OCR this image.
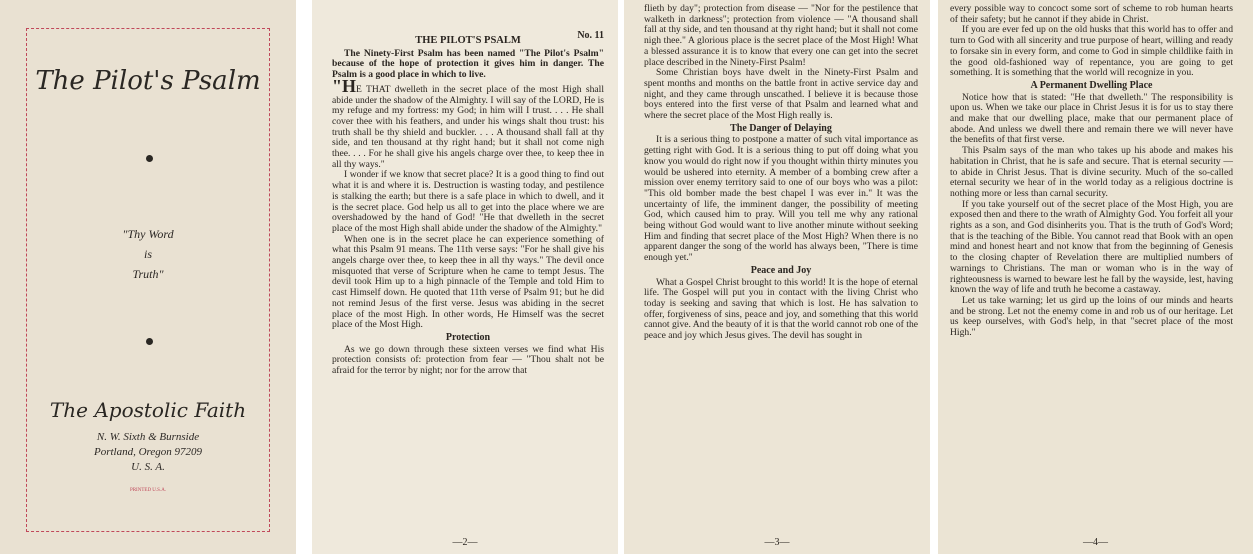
The Pilot's Psalm
"Thy Word
is
Truth"
The Apostolic Faith
N. W. Sixth & Burnside
Portland, Oregon 97209
U. S. A.
PRINTED U.S.A.
No. 11
THE PILOT'S PSALM

The Ninety-First Psalm has been named "The Pilot's Psalm" because of the hope of protection it gives him in danger. The Psalm is a good place in which to live.

"HE THAT dwelleth in the secret place of the most High shall abide under the shadow of the Almighty. I will say of the LORD, He is my refuge and my fortress: my God; in him will I trust. . . . He shall cover thee with his feathers, and under his wings shalt thou trust: his truth shall be thy shield and buckler. . . . A thousand shall fall at thy side, and ten thousand at thy right hand; but it shall not come nigh thee. . . . For he shall give his angels charge over thee, to keep thee in all thy ways."

I wonder if we know that secret place? It is a good thing to find out what it is and where it is. Destruction is wasting today, and pestilence is stalking the earth; but there is a safe place in which to dwell, and it is the secret place. God help us all to get into the place where we are overshadowed by the hand of God! "He that dwelleth in the secret place of the most High shall abide under the shadow of the Almighty."

When one is in the secret place he can experience something of what this Psalm 91 means. The 11th verse says: "For he shall give his angels charge over thee, to keep thee in all thy ways." The devil once misquoted that verse of Scripture when he came to tempt Jesus. The devil took Him up to a high pinnacle of the Temple and told Him to cast Himself down. He quoted that 11th verse of Psalm 91; but he did not remind Jesus of the first verse. Jesus was abiding in the secret place of the most High. In other words, He Himself was the secret place of the Most High.

Protection

As we go down through these sixteen verses we find what His protection consists of: protection from fear — "Thou shalt not be afraid for the terror by night; nor for the arrow that

—2—

flieth by day"; protection from disease — "Nor for the pestilence that walketh in darkness"; protection from violence — "A thousand shall fall at thy side, and ten thousand at thy right hand; but it shall not come nigh thee." A glorious place is the secret place of the Most High! What a blessed assurance it is to know that every one can get into the secret place described in the Ninety-First Psalm!

Some Christian boys have dwelt in the Ninety-First Psalm and spent months and months on the battle front in active service day and night, and they came through unscathed. I believe it is because those boys entered into the first verse of that Psalm and learned what and where the secret place of the Most High really is.

The Danger of Delaying

It is a serious thing to postpone a matter of such vital importance as getting right with God. It is a serious thing to put off doing what you know you would do right now if you thought within thirty minutes you would be ushered into eternity. A member of a bombing crew after a mission over enemy territory said to one of our boys who was a pilot: "This old bomber made the best chapel I was ever in." It was the uncertainty of life, the imminent danger, the possibility of meeting God, which caused him to pray. Will you tell me why any rational being without God would want to live another minute without seeking Him and finding that secret place of the Most High? When there is no apparent danger the song of the world has always been, "There is time enough yet."

Peace and Joy

What a Gospel Christ brought to this world! It is the hope of eternal life. The Gospel will put you in contact with the living Christ who today is seeking and saving that which is lost. He has salvation to offer, forgiveness of sins, peace and joy, and something that this world cannot give. And the beauty of it is that the world cannot rob one of the peace and joy which Jesus gives. The devil has sought in

—3—

every possible way to concoct some sort of scheme to rob human hearts of their safety; but he cannot if they abide in Christ.

If you are ever fed up on the old husks that this world has to offer and turn to God with all sincerity and true purpose of heart, willing and ready to forsake sin in every form, and come to God in simple childlike faith in the good old-fashioned way of repentance, you are going to get something. It is something that the world will recognize in you.

A Permanent Dwelling Place

Notice how that is stated: "He that dwelleth." The responsibility is upon us. When we take our place in Christ Jesus it is for us to stay there and make that our dwelling place, make that our permanent place of abode. And unless we dwell there and remain there we will never have the benefits of that first verse.

This Psalm says of the man who takes up his abode and makes his habitation in Christ, that he is safe and secure. That is eternal security — to abide in Christ Jesus. That is divine security. Much of the so-called eternal security we hear of in the world today as a religious doctrine is nothing more or less than carnal security.

If you take yourself out of the secret place of the Most High, you are exposed then and there to the wrath of Almighty God. You forfeit all your rights as a son, and God disinherits you. That is the truth of God's Word; that is the teaching of the Bible. You cannot read that Book with an open mind and honest heart and not know that from the beginning of Genesis to the closing chapter of Revelation there are multiplied numbers of warnings to Christians. The man or woman who is in the way of righteousness is warned to beware lest he fall by the wayside, lest, having known the way of life and truth he become a castaway.

Let us take warning; let us gird up the loins of our minds and hearts and be strong. Let not the enemy come in and rob us of our heritage. Let us keep ourselves, with God's help, in that "secret place of the most High."

—4—
